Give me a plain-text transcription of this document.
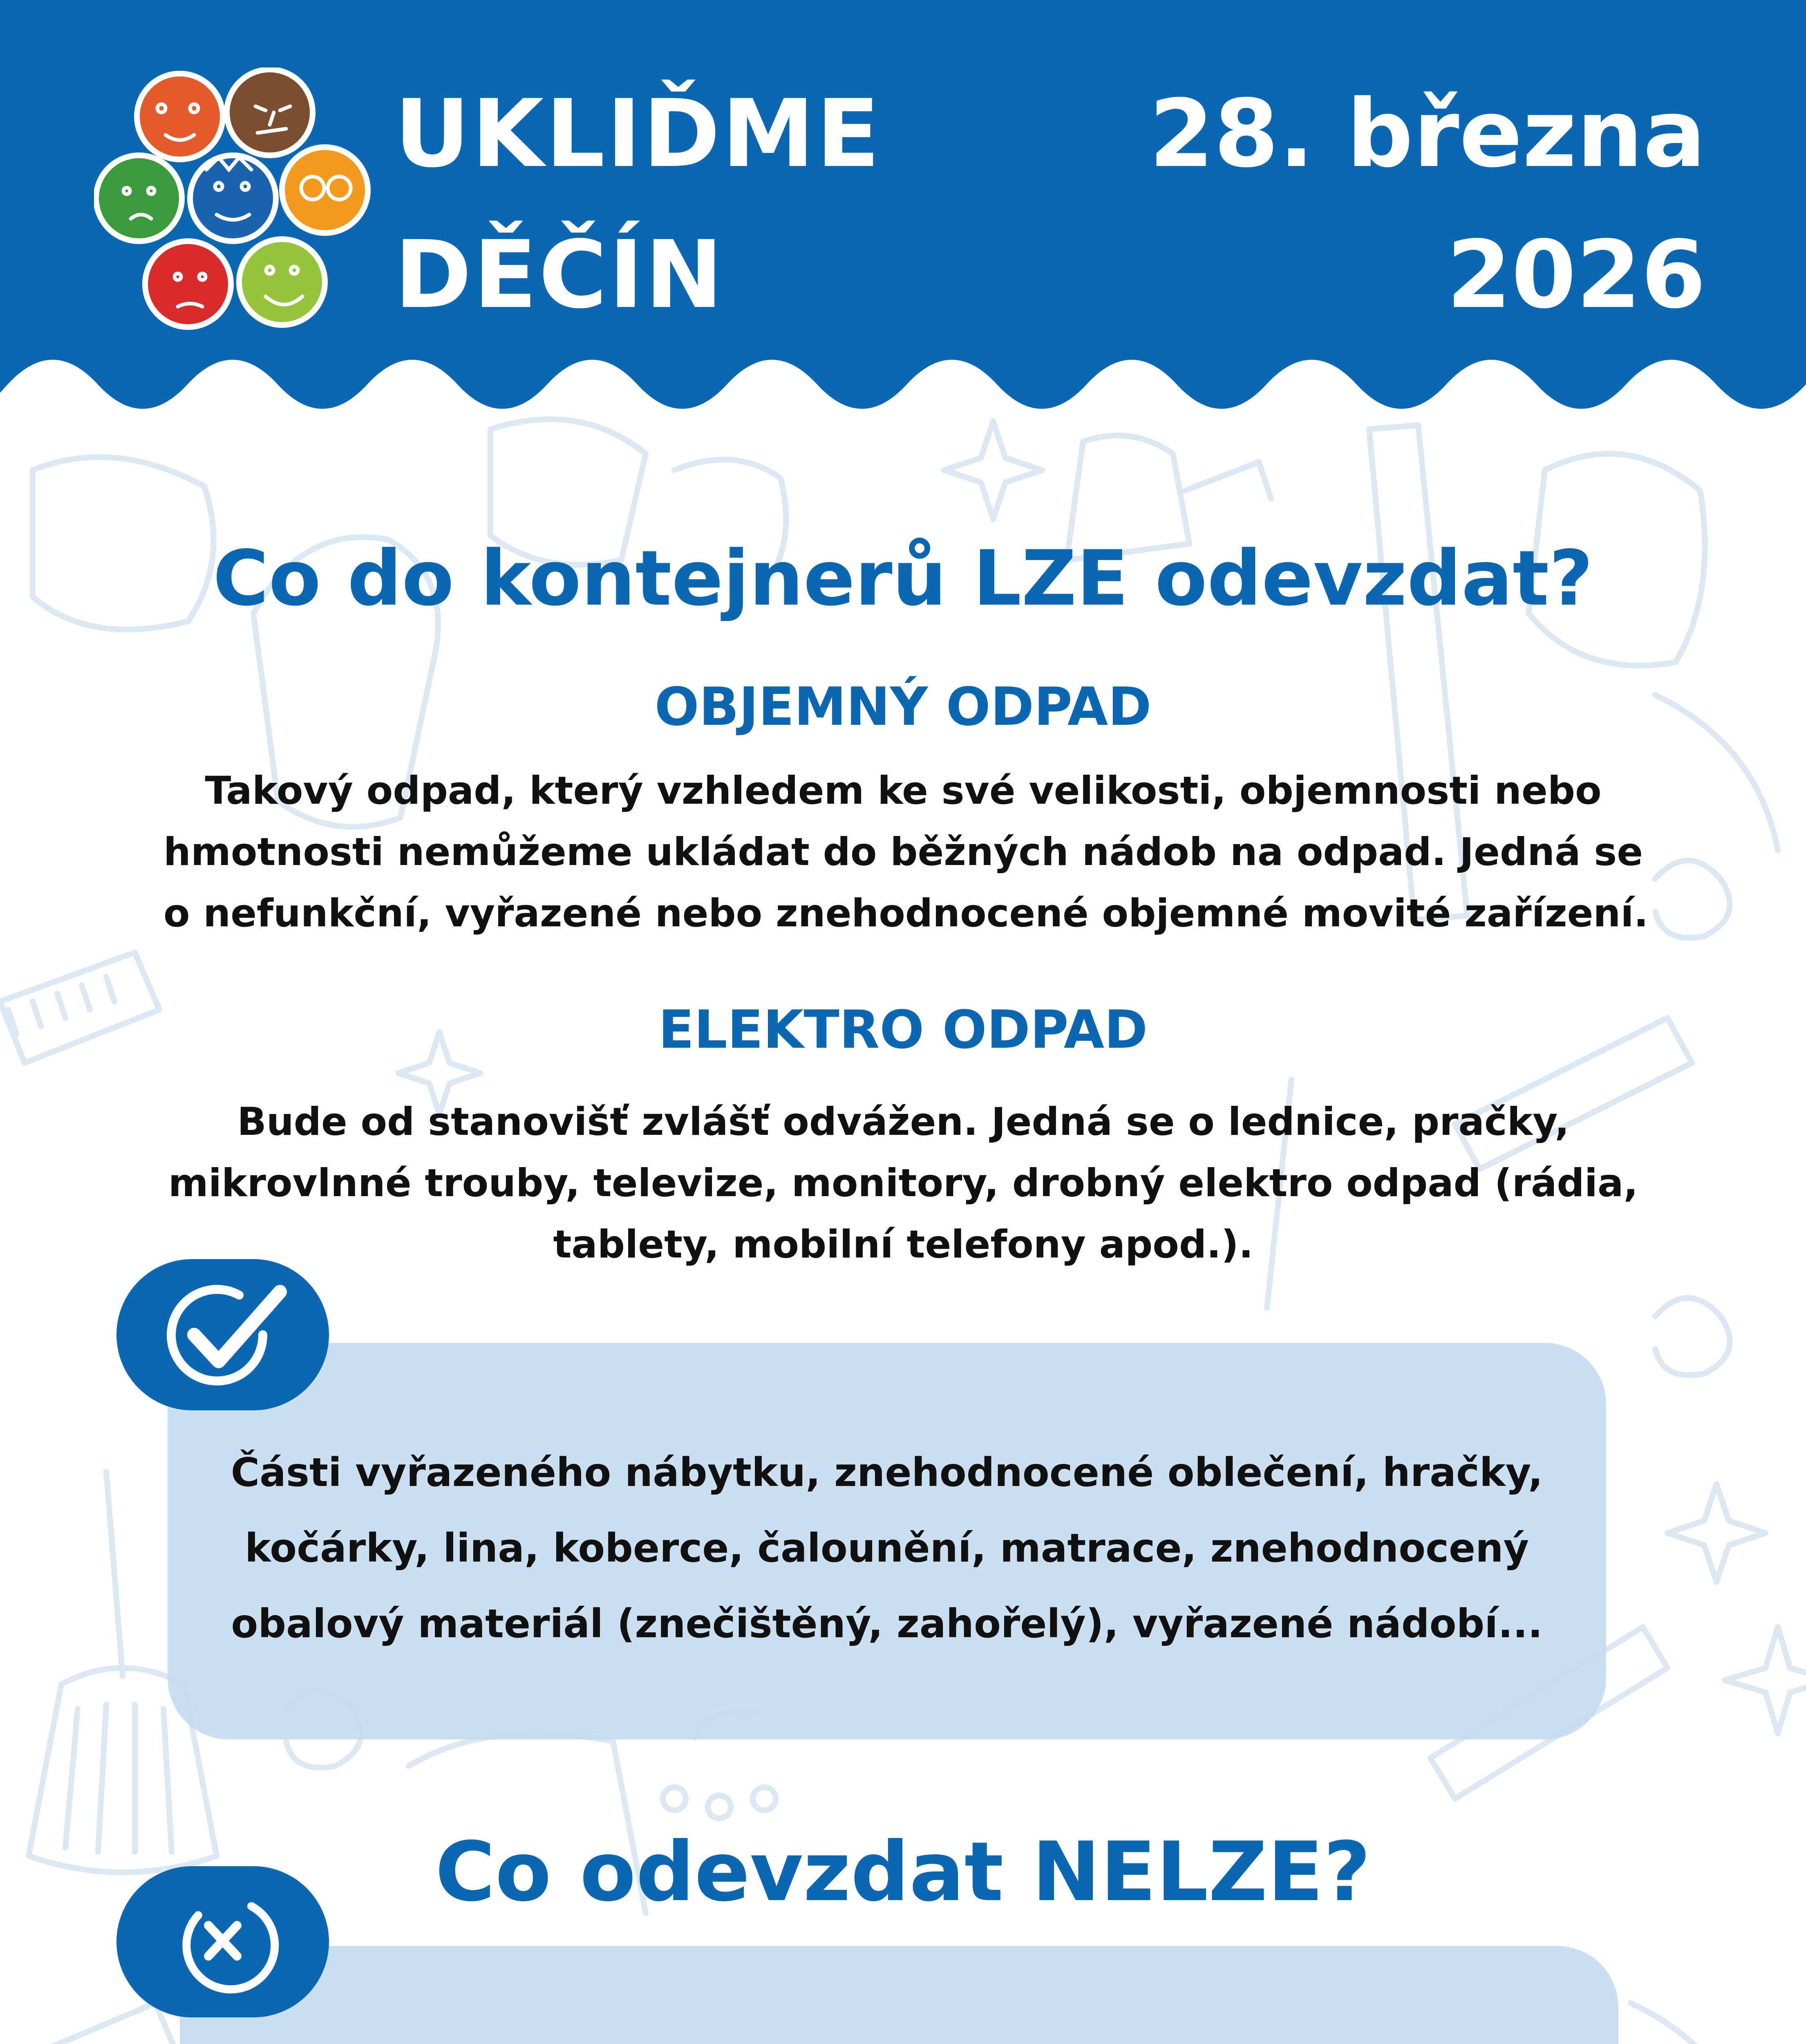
UKLIĎME
DĚČÍN
28. března
2026
Co do kontejnerů LZE odevzdat?
OBJEMNÝ ODPAD
Takový odpad, který vzhledem ke své velikosti, objemnosti nebo
hmotnosti nemůžeme ukládat do běžných nádob na odpad. Jedná se
o nefunkční, vyřazené nebo znehodnocené objemné movité zařízení.
ELEKTRO ODPAD
Bude od stanovišť zvlášť odvážen. Jedná se o lednice, pračky,
mikrovlnné trouby, televize, monitory, drobný elektro odpad (rádia,
tablety, mobilní telefony apod.).
Části vyřazeného nábytku, znehodnocené oblečení, hračky,
kočárky, lina, koberce, čalounění, matrace, znehodnocený
obalový materiál (znečištěný, zahořelý), vyřazené nádobí...
Co odevzdat NELZE?
